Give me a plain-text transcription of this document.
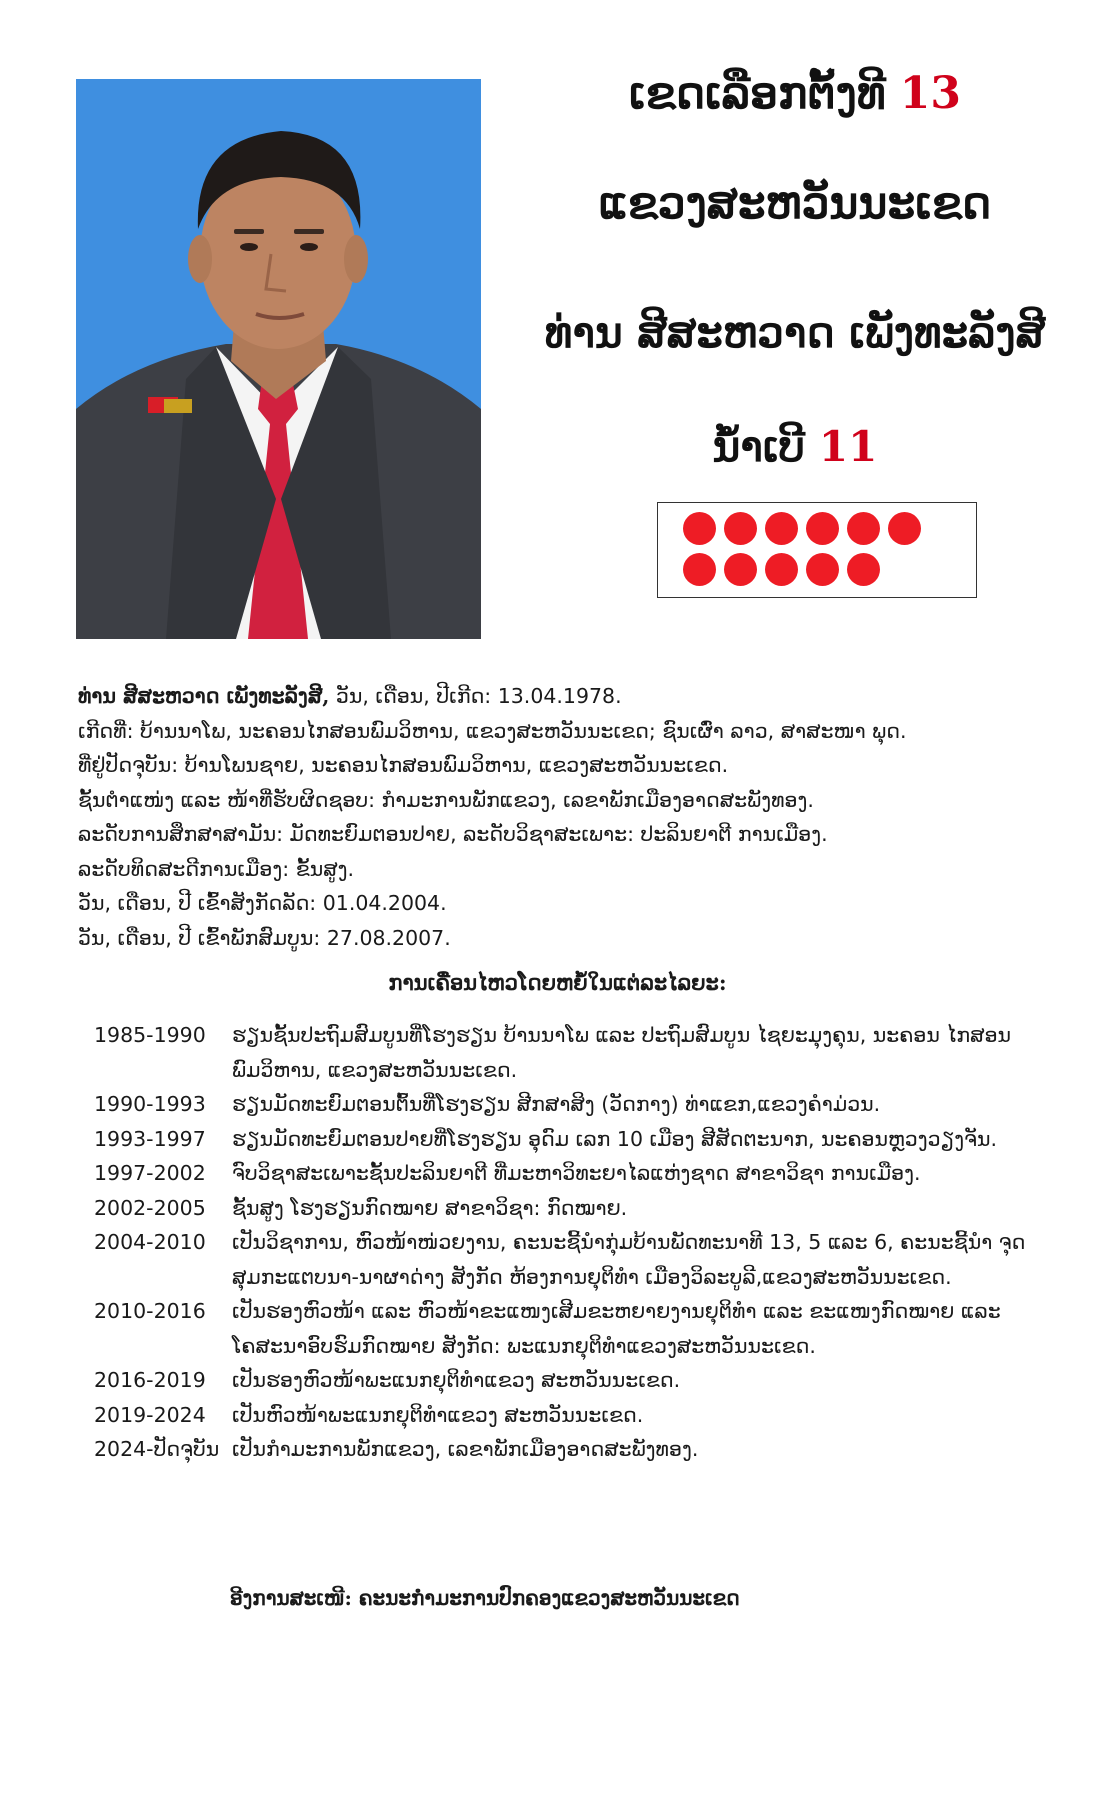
ເຂດເລືອກຕັ້ງທີ 13
ແຂວງສະຫວັນນະເຂດ
ທ່ານ ສີສະຫວາດ ເພັງທະລັງສີ
ນໍ້າເບີ 11
ທ່ານ ສີສະຫວາດ ເພັງທະລັງສີ, ວັນ, ເດືອນ, ປີເກີດ: 13.04.1978.
ເກີດທີ່: ບ້ານນາໂພ, ນະຄອນໄກສອນພົມວິຫານ, ແຂວງສະຫວັນນະເຂດ; ຊົນເຜົ່າ ລາວ, ສາສະໜາ ພຸດ.
ທີ່ຢູ່ປັດຈຸບັນ: ບ້ານໂພນຊາຍ, ນະຄອນໄກສອນພົມວິຫານ, ແຂວງສະຫວັນນະເຂດ.
ຊັ້ນຕຳແໜ່ງ ແລະ ໜ້າທີ່ຮັບຜິດຊອບ: ກຳມະການພັກແຂວງ, ເລຂາພັກເມືອງອາດສະພັງທອງ.
ລະດັບການສຶກສາສາມັນ: ມັດທະຍົມຕອນປາຍ, ລະດັບວິຊາສະເພາະ: ປະລິນຍາຕີ ການເມືອງ.
ລະດັບທິດສະດີການເມືອງ: ຂັ້ນສູງ.
ວັນ, ເດືອນ, ປີ ເຂົ້າສັງກັດລັດ: 01.04.2004.
ວັນ, ເດືອນ, ປີ ເຂົ້າພັກສົມບູນ: 27.08.2007.
ການເຄື່ອນໄຫວໂດຍຫຍໍ້ໃນແຕ່ລະໄລຍະ:
1985-1990	ຮຽນຊັ້ນປະຖົມສົມບູນທີ່ໂຮງຮຽນ ບ້ານນາໂພ ແລະ ປະຖົມສົມບູນ ໄຊຍະມຸງຄຸນ, ນະຄອນ ໄກສອນພົມວິຫານ, ແຂວງສະຫວັນນະເຂດ.
1990-1993	ຮຽນມັດທະຍົມຕອນຕົ້ນທີ່ໂຮງຮຽນ ສີກສາສິງ (ວັດກາງ) ທ່າແຂກ,ແຂວງຄໍາມ່ວນ.
1993-1997	ຮຽນມັດທະຍົມຕອນປາຍທີ່ໂຮງຮຽນ ອຸດົມ ເລກ 10 ເມືອງ ສີສັດຕະນາກ, ນະຄອນຫຼວງວຽງຈັນ.
1997-2002	ຈົບວິຊາສະເພາະຊັ້ນປະລິນຍາຕີ ທີ່ມະຫາວິທະຍາໄລແຫ່ງຊາດ ສາຂາວິຊາ ການເມືອງ.
2002-2005	ຊັ້ນສູງ ໂຮງຮຽນກົດໝາຍ ສາຂາວິຊາ: ກົດໝາຍ.
2004-2010	ເປັນວິຊາການ, ຫົວໜ້າໜ່ວຍງານ, ຄະນະຊີ້ນຳກຸ່ມບ້ານພັດທະນາທີ 13, 5 ແລະ 6, ຄະນະຊີ້ນຳ ຈຸດສຸມກະແຕບນາ-ນາຜາດ່າງ ສັງກັດ ຫ້ອງການຍຸຕິທຳ ເມືອງວິລະບູລີ,ແຂວງສະຫວັນນະເຂດ.
2010-2016	ເປັນຮອງຫົວໜ້າ ແລະ ຫົວໜ້າຂະແໜງເສີມຂະຫຍາຍງານຍຸຕິທຳ ແລະ ຂະແໜງກົດໝາຍ ແລະ ໂຄສະນາອົບຮົມກົດໝາຍ ສັງກັດ: ພະແນກຍຸຕິທຳແຂວງສະຫວັນນະເຂດ.
2016-2019	ເປັນຮອງຫົວໜ້າພະແນກຍຸຕິທຳແຂວງ ສະຫວັນນະເຂດ.
2019-2024	ເປັນຫົວໜ້າພະແນກຍຸຕິທຳແຂວງ ສະຫວັນນະເຂດ.
2024-ປັດຈຸບັນ ເປັນກຳມະການພັກແຂວງ, ເລຂາພັກເມືອງອາດສະພັງທອງ.
ອີງການສະເໜີ: ຄະນະກຳມະການປົກຄອງແຂວງສະຫວັນນະເຂດ
